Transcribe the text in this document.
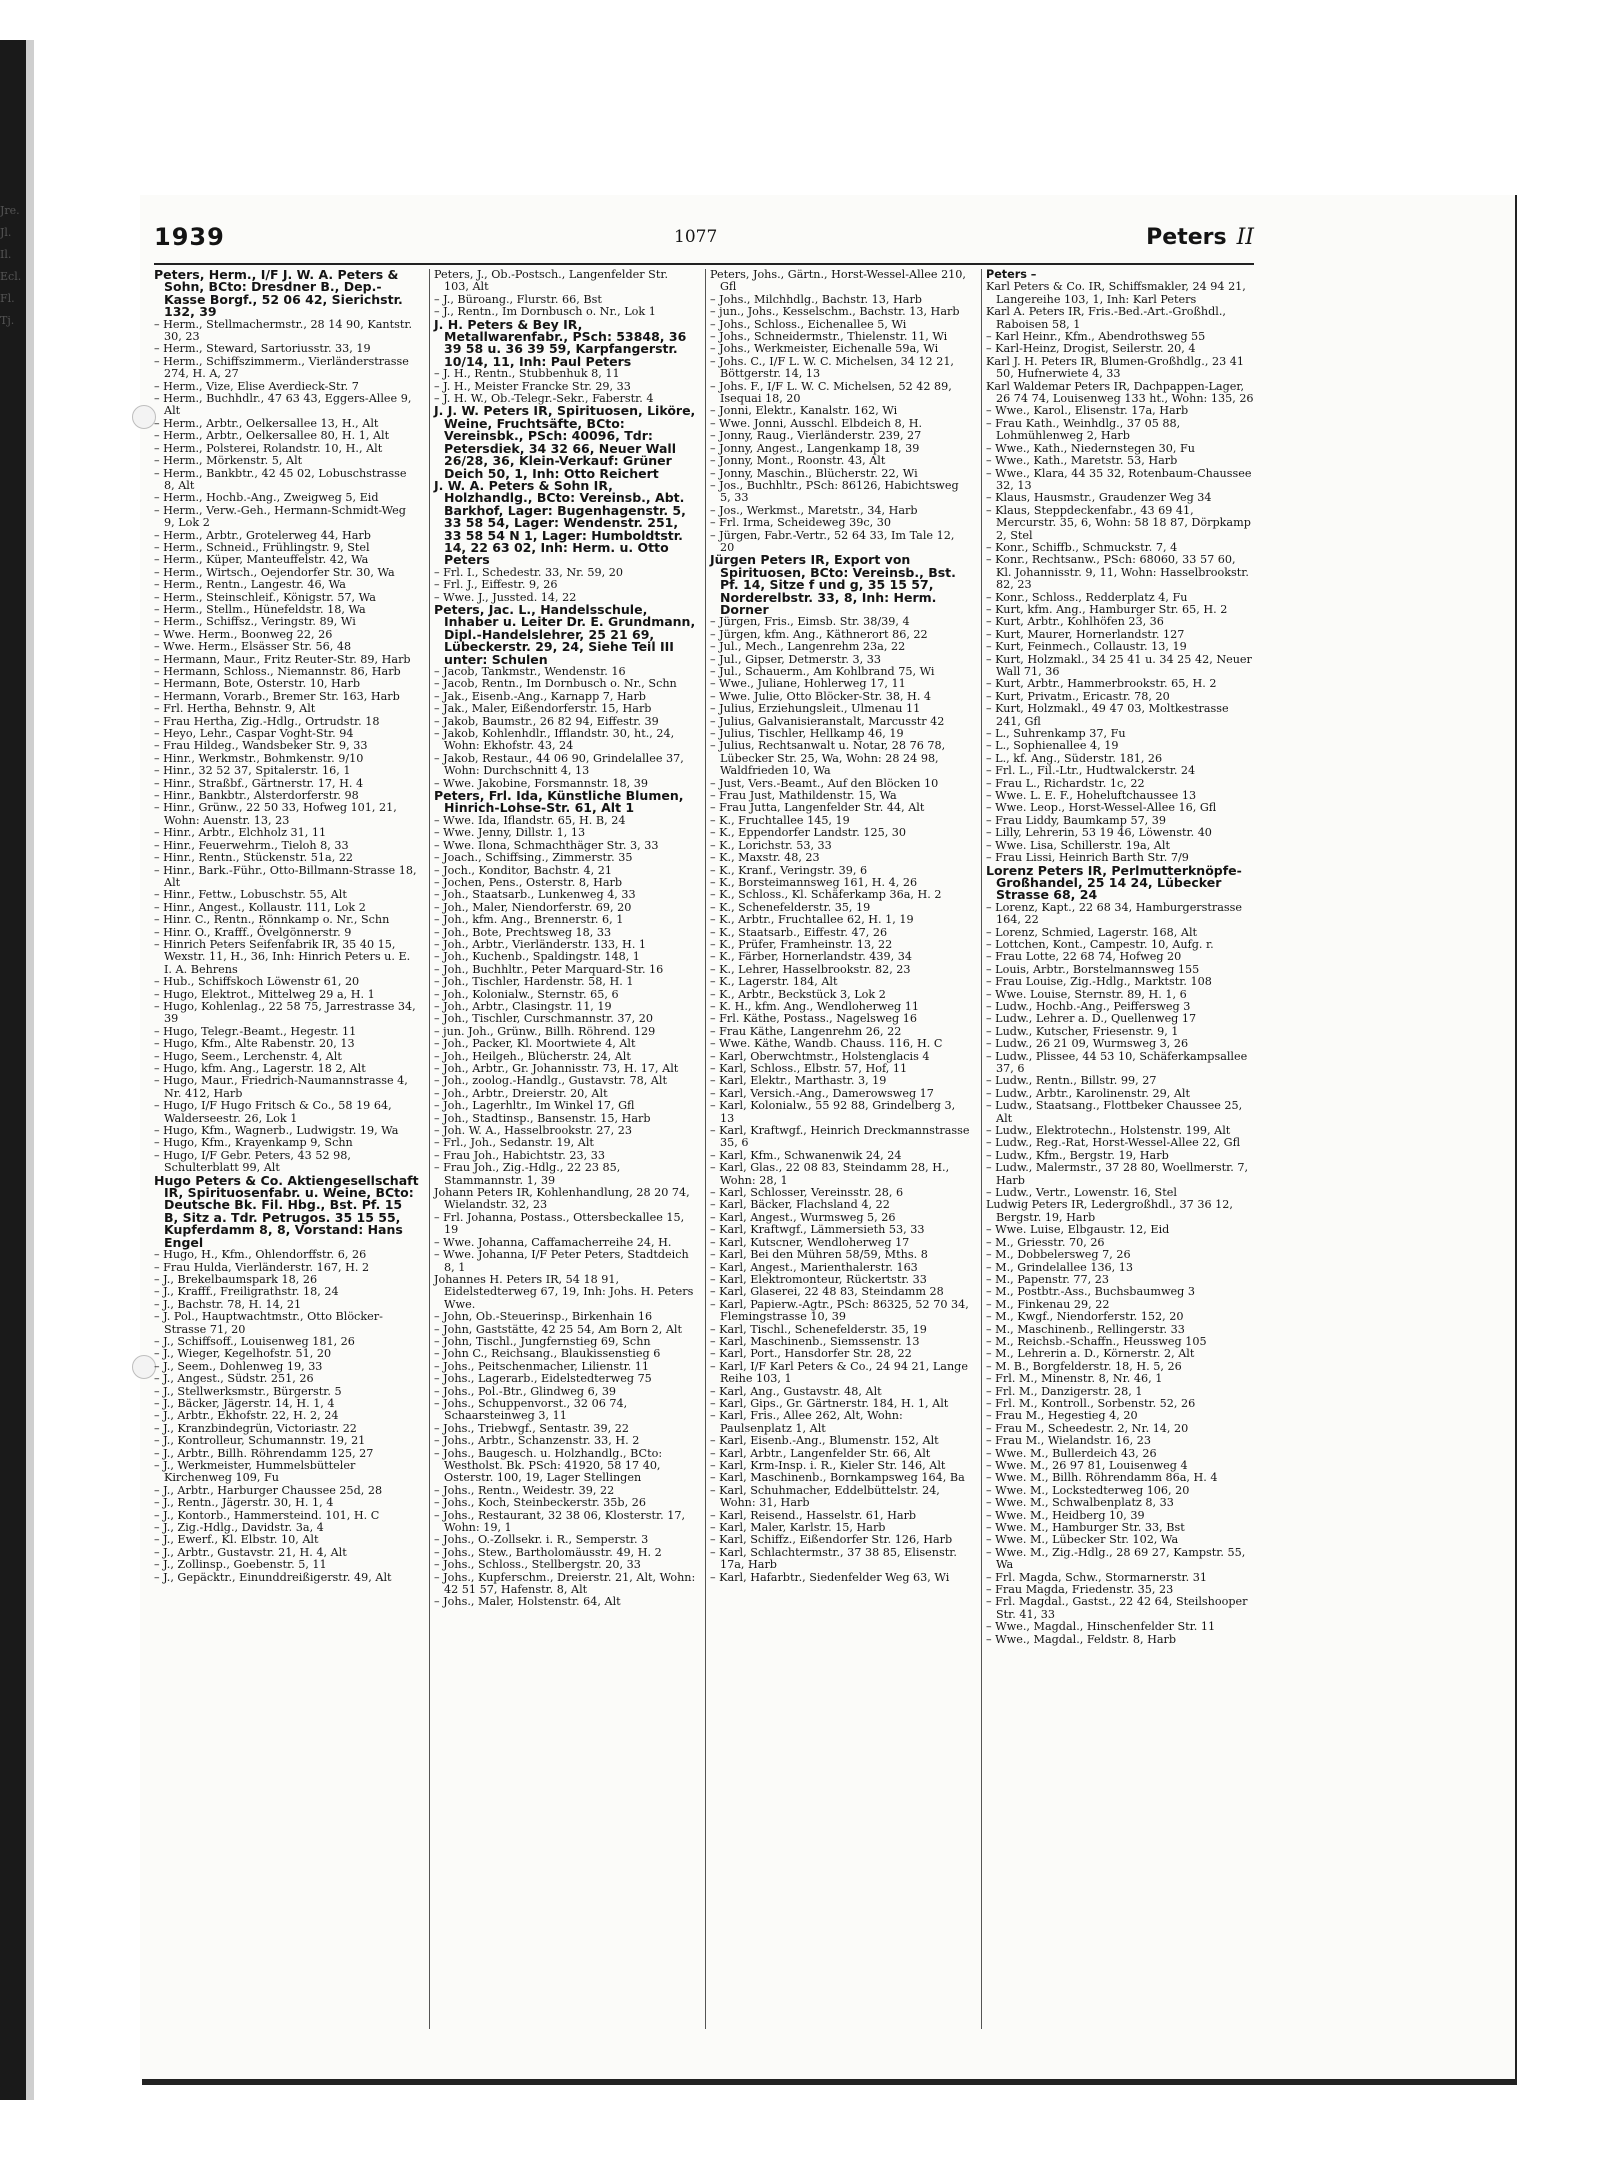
Jre. Jl. Il. Ecl. Fl. Tj.
1939	1077	Peters II
Peters, Herm., I/F J. W. A. Peters & Sohn, BCto: Dresdner B., Dep.-Kasse Borgf., 52 06 42, Sierichstr. 132, 39
– Herm., Stellmachermstr., 28 14 90, Kantstr. 30, 23
– Herm., Steward, Sartoriusstr. 33, 19
– Herm., Schiffszimmerm., Vierländerstrasse 274, H. A, 27
– Herm., Vize, Elise Averdieck-Str. 7
– Herm., Buchhdlr., 47 63 43, Eggers-Allee 9, Alt
– Herm., Arbtr., Oelkersallee 13, H., Alt
– Herm., Arbtr., Oelkersallee 80, H. 1, Alt
– Herm., Polsterei, Rolandstr. 10, H., Alt
– Herm., Mörkenstr. 5, Alt
– Herm., Bankbtr., 42 45 02, Lobuschstrasse 8, Alt
– Herm., Hochb.-Ang., Zweigweg 5, Eid
– Herm., Verw.-Geh., Hermann-Schmidt-Weg 9, Lok 2
– Herm., Arbtr., Grotelerweg 44, Harb
– Herm., Schneid., Frühlingstr. 9, Stel
– Herm., Küper, Manteuffelstr. 42, Wa
– Herm., Wirtsch., Oejendorfer Str. 30, Wa
– Herm., Rentn., Langestr. 46, Wa
– Herm., Steinschleif., Königstr. 57, Wa
– Herm., Stellm., Hünefeldstr. 18, Wa
– Herm., Schiffsz., Veringstr. 89, Wi
– Wwe. Herm., Boonweg 22, 26
– Wwe. Herm., Elsässer Str. 56, 48
– Hermann, Maur., Fritz Reuter-Str. 89, Harb
– Hermann, Schloss., Niemannstr. 86, Harb
– Hermann, Bote, Osterstr. 10, Harb
– Hermann, Vorarb., Bremer Str. 163, Harb
– Frl. Hertha, Behnstr. 9, Alt
– Frau Hertha, Zig.-Hdlg., Ortrudstr. 18
– Heyo, Lehr., Caspar Voght-Str. 94
– Frau Hildeg., Wandsbeker Str. 9, 33
– Hinr., Werkmstr., Bohmkenstr. 9/10
– Hinr., 32 52 37, Spitalerstr. 16, 1
– Hinr., Straßbf., Gärtnerstr. 17, H. 4
– Hinr., Bankbtr., Alsterdorferstr. 98
– Hinr., Grünw., 22 50 33, Hofweg 101, 21, Wohn: Auenstr. 13, 23
– Hinr., Arbtr., Elchholz 31, 11
– Hinr., Feuerwehrm., Tieloh 8, 33
– Hinr., Rentn., Stückenstr. 51a, 22
– Hinr., Bark.-Führ., Otto-Billmann-Strasse 18, Alt
– Hinr., Fettw., Lobuschstr. 55, Alt
– Hinr., Angest., Kollaustr. 111, Lok 2
– Hinr. C., Rentn., Rönnkamp o. Nr., Schn
– Hinr. O., Krafff., Övelgönnerstr. 9
– Hinrich Peters Seifenfabrik IR, 35 40 15, Wexstr. 11, H., 36, Inh: Hinrich Peters u. E. I. A. Behrens
– Hub., Schiffskoch Löwenstr 61, 20
– Hugo, Elektrot., Mittelweg 29 a, H. 1
– Hugo, Kohlenlag., 22 58 75, Jarrestrasse 34, 39
– Hugo, Telegr.-Beamt., Hegestr. 11
– Hugo, Kfm., Alte Rabenstr. 20, 13
– Hugo, Seem., Lerchenstr. 4, Alt
– Hugo, kfm. Ang., Lagerstr. 18 2, Alt
– Hugo, Maur., Friedrich-Naumannstrasse 4, Nr. 412, Harb
– Hugo, I/F Hugo Fritsch & Co., 58 19 64, Walderseestr. 26, Lok 1
– Hugo, Kfm., Wagnerb., Ludwigstr. 19, Wa
– Hugo, Kfm., Krayenkamp 9, Schn
– Hugo, I/F Gebr. Peters, 43 52 98, Schulterblatt 99, Alt
Hugo Peters & Co. Aktiengesellschaft IR, Spirituosenfabr. u. Weine, BCto: Deutsche Bk. Fil. Hbg., Bst. Pf. 15 B, Sitz a. Tdr. Petrugos. 35 15 55, Kupferdamm 8, 8, Vorstand: Hans Engel
– Hugo, H., Kfm., Ohlendorffstr. 6, 26
– Frau Hulda, Vierländerstr. 167, H. 2
– J., Brekelbaumspark 18, 26
– J., Krafff., Freiligrathstr. 18, 24
– J., Bachstr. 78, H. 14, 21
– J. Pol., Hauptwachtmstr., Otto Blöcker-Strasse 71, 20
– J., Schiffsoff., Louisenweg 181, 26
– J., Wieger, Kegelhofstr. 51, 20
– J., Seem., Dohlenweg 19, 33
– J., Angest., Südstr. 251, 26
– J., Stellwerksmstr., Bürgerstr. 5
– J., Bäcker, Jägerstr. 14, H. 1, 4
– J., Arbtr., Ekhofstr. 22, H. 2, 24
– J., Kranzbindegrün, Victoriastr. 22
– J., Kontrolleur, Schumannstr. 19, 21
– J., Arbtr., Billh. Röhrendamm 125, 27
– J., Werkmeister, Hummelsbütteler Kirchenweg 109, Fu
– J., Arbtr., Harburger Chaussee 25d, 28
– J., Rentn., Jägerstr. 30, H. 1, 4
– J., Kontorb., Hammersteind. 101, H. C
– J., Zig.-Hdlg., Davidstr. 3a, 4
– J., Ewerf., Kl. Elbstr. 10, Alt
– J., Arbtr., Gustavstr. 21, H. 4, Alt
– J., Zollinsp., Goebenstr. 5, 11
– J., Gepäcktr., Einunddreißigerstr. 49, Alt
Peters, J., Ob.-Postsch., Langenfelder Str. 103, Alt
– J., Büroang., Flurstr. 66, Bst
– J., Rentn., Im Dornbusch o. Nr., Lok 1
J. H. Peters & Bey IR, Metallwarenfabr., PSch: 53848, 36 39 58 u. 36 39 59, Karpfangerstr. 10/14, 11, Inh: Paul Peters
– J. H., Rentn., Stubbenhuk 8, 11
– J. H., Meister Francke Str. 29, 33
– J. H. W., Ob.-Telegr.-Sekr., Faberstr. 4
J. J. W. Peters IR, Spirituosen, Liköre, Weine, Fruchtsäfte, BCto: Vereinsbk., PSch: 40096, Tdr: Petersdiek, 34 32 66, Neuer Wall 26/28, 36, Klein-Verkauf: Grüner Deich 50, 1, Inh: Otto Reichert
J. W. A. Peters & Sohn IR, Holzhandlg., BCto: Vereinsb., Abt. Barkhof, Lager: Bugenhagenstr. 5, 33 58 54, Lager: Wendenstr. 251, 33 58 54 N 1, Lager: Humboldtstr. 14, 22 63 02, Inh: Herm. u. Otto Peters
– Frl. I., Schedestr. 33, Nr. 59, 20
– Frl. J., Eiffestr. 9, 26
– Wwe. J., Jussted. 14, 22
Peters, Jac. L., Handelsschule, Inhaber u. Leiter Dr. E. Grundmann, Dipl.-Handelslehrer, 25 21 69, Lübeckerstr. 29, 24, Siehe Teil III unter: Schulen
– Jacob, Tankmstr., Wendenstr. 16
– Jacob, Rentn., Im Dornbusch o. Nr., Schn
– Jak., Eisenb.-Ang., Karnapp 7, Harb
– Jak., Maler, Eißendorferstr. 15, Harb
– Jakob, Baumstr., 26 82 94, Eiffestr. 39
– Jakob, Kohlenhdlr., Ifflandstr. 30, ht., 24, Wohn: Ekhofstr. 43, 24
– Jakob, Restaur., 44 06 90, Grindelallee 37, Wohn: Durchschnitt 4, 13
– Wwe. Jakobine, Forsmannstr. 18, 39
Peters, Frl. Ida, Künstliche Blumen, Hinrich-Lohse-Str. 61, Alt 1
– Wwe. Ida, Iflandstr. 65, H. B, 24
– Wwe. Jenny, Dillstr. 1, 13
– Wwe. Ilona, Schmachthäger Str. 3, 33
– Joach., Schiffsing., Zimmerstr. 35
– Joch., Konditor, Bachstr. 4, 21
– Jochen, Pens., Osterstr. 8, Harb
– Joh., Staatsarb., Lunkenweg 4, 33
– Joh., Maler, Niendorferstr. 69, 20
– Joh., kfm. Ang., Brennerstr. 6, 1
– Joh., Bote, Prechtsweg 18, 33
– Joh., Arbtr., Vierländerstr. 133, H. 1
– Joh., Kuchenb., Spaldingstr. 148, 1
– Joh., Buchhltr., Peter Marquard-Str. 16
– Joh., Tischler, Hardenstr. 58, H. 1
– Joh., Kolonialw., Sternstr. 65, 6
– Joh., Arbtr., Clasingstr. 11, 19
– Joh., Tischler, Curschmannstr. 37, 20
– jun. Joh., Grünw., Billh. Röhrend. 129
– Joh., Packer, Kl. Moortwiete 4, Alt
– Joh., Heilgeh., Blücherstr. 24, Alt
– Joh., Arbtr., Gr. Johannisstr. 73, H. 17, Alt
– Joh., zoolog.-Handlg., Gustavstr. 78, Alt
– Joh., Arbtr., Dreierstr. 20, Alt
– Joh., Lagerhltr., Im Winkel 17, Gfl
– Joh., Stadtinsp., Bansenstr. 15, Harb
– Joh. W. A., Hasselbrookstr. 27, 23
– Frl., Joh., Sedanstr. 19, Alt
– Frau Joh., Habichtstr. 23, 33
– Frau Joh., Zig.-Hdlg., 22 23 85, Stammannstr. 1, 39
Johann Peters IR, Kohlenhandlung, 28 20 74, Wielandstr. 32, 23
– Frl. Johanna, Postass., Ottersbeckallee 15, 19
– Wwe. Johanna, Caffamacherreihe 24, H.
– Wwe. Johanna, I/F Peter Peters, Stadtdeich 8, 1
Johannes H. Peters IR, 54 18 91, Eidelstedterweg 67, 19, Inh: Johs. H. Peters Wwe.
– John, Ob.-Steuerinsp., Birkenhain 16
– John, Gaststätte, 42 25 54, Am Born 2, Alt
– John, Tischl., Jungfernstieg 69, Schn
– John C., Reichsang., Blaukissenstieg 6
– Johs., Peitschenmacher, Lilienstr. 11
– Johs., Lagerarb., Eidelstedterweg 75
– Johs., Pol.-Btr., Glindweg 6, 39
– Johs., Schuppenvorst., 32 06 74, Schaarsteinweg 3, 11
– Johs., Triebwgf., Sentastr. 39, 22
– Johs., Arbtr., Schanzenstr. 33, H. 2
– Johs., Baugesch. u. Holzhandlg., BCto: Westholst. Bk. PSch: 41920, 58 17 40, Osterstr. 100, 19, Lager Stellingen
– Johs., Rentn., Weidestr. 39, 22
– Johs., Koch, Steinbeckerstr. 35b, 26
– Johs., Restaurant, 32 38 06, Klosterstr. 17, Wohn: 19, 1
– Johs., O.-Zollsekr. i. R., Semperstr. 3
– Johs., Stew., Bartholomäusstr. 49, H. 2
– Johs., Schloss., Stellbergstr. 20, 33
– Johs., Kupferschm., Dreierstr. 21, Alt, Wohn: 42 51 57, Hafenstr. 8, Alt
– Johs., Maler, Holstenstr. 64, Alt
Peters, Johs., Gärtn., Horst-Wessel-Allee 210, Gfl
– Johs., Milchhdlg., Bachstr. 13, Harb
– jun., Johs., Kesselschm., Bachstr. 13, Harb
– Johs., Schloss., Eichenallee 5, Wi
– Johs., Schneidermstr., Thielenstr. 11, Wi
– Johs., Werkmeister, Eichenalle 59a, Wi
– Johs. C., I/F L. W. C. Michelsen, 34 12 21, Böttgerstr. 14, 13
– Johs. F., I/F L. W. C. Michelsen, 52 42 89, Isequai 18, 20
– Jonni, Elektr., Kanalstr. 162, Wi
– Wwe. Jonni, Ausschl. Elbdeich 8, H.
– Jonny, Raug., Vierländerstr. 239, 27
– Jonny, Angest., Langenkamp 18, 39
– Jonny, Mont., Roonstr. 43, Alt
– Jonny, Maschin., Blücherstr. 22, Wi
– Jos., Buchhltr., PSch: 86126, Habichtsweg 5, 33
– Jos., Werkmst., Maretstr., 34, Harb
– Frl. Irma, Scheideweg 39c, 30
– Jürgen, Fabr.-Vertr., 52 64 33, Im Tale 12, 20
Jürgen Peters IR, Export von Spirituosen, BCto: Vereinsb., Bst. Pf. 14, Sitze f und g, 35 15 57, Norderelbstr. 33, 8, Inh: Herm. Dorner
– Jürgen, Fris., Eimsb. Str. 38/39, 4
– Jürgen, kfm. Ang., Käthnerort 86, 22
– Jul., Mech., Langenrehm 23a, 22
– Jul., Gipser, Detmerstr. 3, 33
– Jul., Schauerm., Am Kohlbrand 75, Wi
– Wwe., Juliane, Hohlerweg 17, 11
– Wwe. Julie, Otto Blöcker-Str. 38, H. 4
– Julius, Erziehungsleit., Ulmenau 11
– Julius, Galvanisieranstalt, Marcusstr 42
– Julius, Tischler, Hellkamp 46, 19
– Julius, Rechtsanwalt u. Notar, 28 76 78, Lübecker Str. 25, Wa, Wohn: 28 24 98, Waldfrieden 10, Wa
– Just, Vers.-Beamt., Auf den Blöcken 10
– Frau Just, Mathildenstr. 15, Wa
– Frau Jutta, Langenfelder Str. 44, Alt
– K., Fruchtallee 145, 19
– K., Eppendorfer Landstr. 125, 30
– K., Lorichstr. 53, 33
– K., Maxstr. 48, 23
– K., Kranf., Veringstr. 39, 6
– K., Borsteimannsweg 161, H. 4, 26
– K., Schloss., Kl. Schäferkamp 36a, H. 2
– K., Schenefelderstr. 35, 19
– K., Arbtr., Fruchtallee 62, H. 1, 19
– K., Staatsarb., Eiffestr. 47, 26
– K., Prüfer, Framheinstr. 13, 22
– K., Färber, Hornerlandstr. 439, 34
– K., Lehrer, Hasselbrookstr. 82, 23
– K., Lagerstr. 184, Alt
– K., Arbtr., Beckstück 3, Lok 2
– K. H., kfm. Ang., Wendloherweg 11
– Frl. Käthe, Postass., Nagelsweg 16
– Frau Käthe, Langenrehm 26, 22
– Wwe. Käthe, Wandb. Chauss. 116, H. C
– Karl, Oberwchtmstr., Holstenglacis 4
– Karl, Schloss., Elbstr. 57, Hof, 11
– Karl, Elektr., Marthastr. 3, 19
– Karl, Versich.-Ang., Damerowsweg 17
– Karl, Kolonialw., 55 92 88, Grindelberg 3, 13
– Karl, Kraftwgf., Heinrich Dreckmannstrasse 35, 6
– Karl, Kfm., Schwanenwik 24, 24
– Karl, Glas., 22 08 83, Steindamm 28, H., Wohn: 28, 1
– Karl, Schlosser, Vereinsstr. 28, 6
– Karl, Bäcker, Flachsland 4, 22
– Karl, Angest., Wurmsweg 5, 26
– Karl, Kraftwgf., Lämmersieth 53, 33
– Karl, Kutscner, Wendloherweg 17
– Karl, Bei den Mühren 58/59, Mths. 8
– Karl, Angest., Marienthalerstr. 163
– Karl, Elektromonteur, Rückertstr. 33
– Karl, Glaserei, 22 48 83, Steindamm 28
– Karl, Papierw.-Agtr., PSch: 86325, 52 70 34, Flemingstrasse 10, 39
– Karl, Tischl., Schenefelderstr. 35, 19
– Karl, Maschinenb., Siemssenstr. 13
– Karl, Port., Hansdorfer Str. 28, 22
– Karl, I/F Karl Peters & Co., 24 94 21, Lange Reihe 103, 1
– Karl, Ang., Gustavstr. 48, Alt
– Karl, Gips., Gr. Gärtnerstr. 184, H. 1, Alt
– Karl, Fris., Allee 262, Alt, Wohn: Paulsenplatz 1, Alt
– Karl, Eisenb.-Ang., Blumenstr. 152, Alt
– Karl, Arbtr., Langenfelder Str. 66, Alt
– Karl, Krm-Insp. i. R., Kieler Str. 146, Alt
– Karl, Maschinenb., Bornkampsweg 164, Ba
– Karl, Schuhmacher, Eddelbüttelstr. 24, Wohn: 31, Harb
– Karl, Reisend., Hasselstr. 61, Harb
– Karl, Maler, Karlstr. 15, Harb
– Karl, Schiffz., Eißendorfer Str. 126, Harb
– Karl, Schlachtermstr., 37 38 85, Elisenstr. 17a, Harb
– Karl, Hafarbtr., Siedenfelder Weg 63, Wi
Peters –
Karl Peters & Co. IR, Schiffsmakler, 24 94 21, Langereihe 103, 1, Inh: Karl Peters
Karl A. Peters IR, Fris.-Bed.-Art.-Großhdl., Raboisen 58, 1
– Karl Heinr., Kfm., Abendrothsweg 55
– Karl-Heinz, Drogist, Seilerstr. 20, 4
Karl J. H. Peters IR, Blumen-Großhdlg., 23 41 50, Hufnerwiete 4, 33
Karl Waldemar Peters IR, Dachpappen-Lager, 26 74 74, Louisenweg 133 ht., Wohn: 135, 26
– Wwe., Karol., Elisenstr. 17a, Harb
– Frau Kath., Weinhdlg., 37 05 88, Lohmühlenweg 2, Harb
– Wwe., Kath., Niedernstegen 30, Fu
– Wwe., Kath., Maretstr. 53, Harb
– Wwe., Klara, 44 35 32, Rotenbaum-Chaussee 32, 13
– Klaus, Hausmstr., Graudenzer Weg 34
– Klaus, Steppdeckenfabr., 43 69 41, Mercurstr. 35, 6, Wohn: 58 18 87, Dörpkamp 2, Stel
– Konr., Schiffb., Schmuckstr. 7, 4
– Konr., Rechtsanw., PSch: 68060, 33 57 60, Kl. Johannisstr. 9, 11, Wohn: Hasselbrookstr. 82, 23
– Konr., Schloss., Redderplatz 4, Fu
– Kurt, kfm. Ang., Hamburger Str. 65, H. 2
– Kurt, Arbtr., Kohlhöfen 23, 36
– Kurt, Maurer, Hornerlandstr. 127
– Kurt, Feinmech., Collaustr. 13, 19
– Kurt, Holzmakl., 34 25 41 u. 34 25 42, Neuer Wall 71, 36
– Kurt, Arbtr., Hammerbrookstr. 65, H. 2
– Kurt, Privatm., Ericastr. 78, 20
– Kurt, Holzmakl., 49 47 03, Moltkestrasse 241, Gfl
– L., Suhrenkamp 37, Fu
– L., Sophienallee 4, 19
– L., kf. Ang., Süderstr. 181, 26
– Frl. L., Fil.-Ltr., Hudtwalckerstr. 24
– Frau L., Richardstr. 1c, 22
– Wwe. L. E. F., Hoheluftchaussee 13
– Wwe. Leop., Horst-Wessel-Allee 16, Gfl
– Frau Liddy, Baumkamp 57, 39
– Lilly, Lehrerin, 53 19 46, Löwenstr. 40
– Wwe. Lisa, Schillerstr. 19a, Alt
– Frau Lissi, Heinrich Barth Str. 7/9
Lorenz Peters IR, Perlmutterknöpfe-Großhandel, 25 14 24, Lübecker Strasse 68, 24
– Lorenz, Kapt., 22 68 34, Hamburgerstrasse 164, 22
– Lorenz, Schmied, Lagerstr. 168, Alt
– Lottchen, Kont., Campestr. 10, Aufg. r.
– Frau Lotte, 22 68 74, Hofweg 20
– Louis, Arbtr., Borstelmannsweg 155
– Frau Louise, Zig.-Hdlg., Marktstr. 108
– Wwe. Louise, Sternstr. 89, H. 1, 6
– Ludw., Hochb.-Ang., Peiffersweg 3
– Ludw., Lehrer a. D., Quellenweg 17
– Ludw., Kutscher, Friesenstr. 9, 1
– Ludw., 26 21 09, Wurmsweg 3, 26
– Ludw., Plissee, 44 53 10, Schäferkampsallee 37, 6
– Ludw., Rentn., Billstr. 99, 27
– Ludw., Arbtr., Karolinenstr. 29, Alt
– Ludw., Staatsang., Flottbeker Chaussee 25, Alt
– Ludw., Elektrotechn., Holstenstr. 199, Alt
– Ludw., Reg.-Rat, Horst-Wessel-Allee 22, Gfl
– Ludw., Kfm., Bergstr. 19, Harb
– Ludw., Malermstr., 37 28 80, Woellmerstr. 7, Harb
– Ludw., Vertr., Lowenstr. 16, Stel
Ludwig Peters IR, Ledergroßhdl., 37 36 12, Bergstr. 19, Harb
– Wwe. Luise, Elbgaustr. 12, Eid
– M., Griesstr. 70, 26
– M., Dobbelersweg 7, 26
– M., Grindelallee 136, 13
– M., Papenstr. 77, 23
– M., Postbtr.-Ass., Buchsbaumweg 3
– M., Finkenau 29, 22
– M., Kwgf., Niendorferstr. 152, 20
– M., Maschinenb., Rellingerstr. 33
– M., Reichsb.-Schaffn., Heussweg 105
– M., Lehrerin a. D., Körnerstr. 2, Alt
– M. B., Borgfelderstr. 18, H. 5, 26
– Frl. M., Minenstr. 8, Nr. 46, 1
– Frl. M., Danzigerstr. 28, 1
– Frl. M., Kontroll., Sorbenstr. 52, 26
– Frau M., Hegestieg 4, 20
– Frau M., Scheedestr. 2, Nr. 14, 20
– Frau M., Wielandstr. 16, 23
– Wwe. M., Bullerdeich 43, 26
– Wwe. M., 26 97 81, Louisenweg 4
– Wwe. M., Billh. Röhrendamm 86a, H. 4
– Wwe. M., Lockstedterweg 106, 20
– Wwe. M., Schwalbenplatz 8, 33
– Wwe. M., Heidberg 10, 39
– Wwe. M., Hamburger Str. 33, Bst
– Wwe. M., Lübecker Str. 102, Wa
– Wwe. M., Zig.-Hdlg., 28 69 27, Kampstr. 55, Wa
– Frl. Magda, Schw., Stormarnerstr. 31
– Frau Magda, Friedenstr. 35, 23
– Frl. Magdal., Gastst., 22 42 64, Steilshooper Str. 41, 33
– Wwe., Magdal., Hinschenfelder Str. 11
– Wwe., Magdal., Feldstr. 8, Harb
